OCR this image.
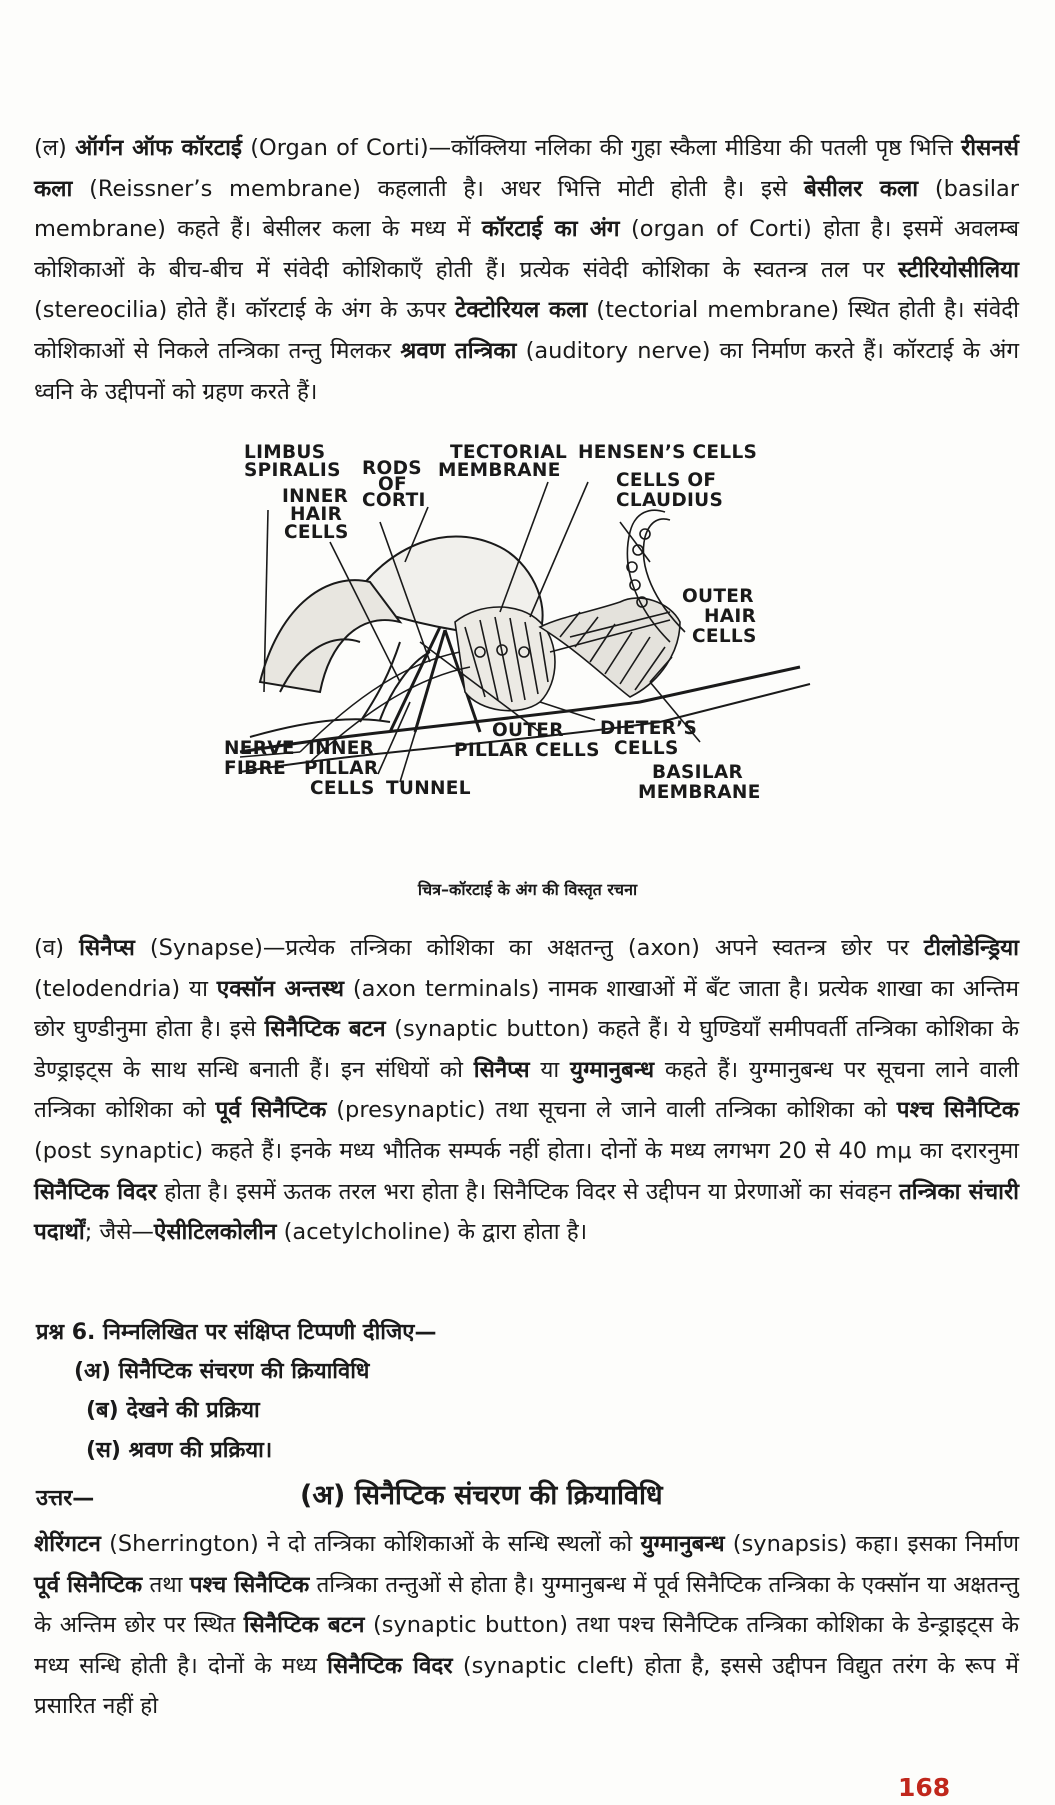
(ल) ऑर्गन ऑफ कॉरटाई (Organ of Corti)—कॉक्लिया नलिका की गुहा स्कैला मीडिया की पतली पृष्ठ भित्ति रीसनर्स कला (Reissner’s membrane) कहलाती है। अधर भित्ति मोटी होती है। इसे बेसीलर कला (basilar membrane) कहते हैं। बेसीलर कला के मध्य में कॉरटाई का अंग (organ of Corti) होता है। इसमें अवलम्ब कोशिकाओं के बीच-बीच में संवेदी कोशिकाएँ होती हैं। प्रत्येक संवेदी कोशिका के स्वतन्त्र तल पर स्टीरियोसीलिया (stereocilia) होते हैं। कॉरटाई के अंग के ऊपर टेक्टोरियल कला (tectorial membrane) स्थित होती है। संवेदी कोशिकाओं से निकले तन्त्रिका तन्तु मिलकर श्रवण तन्त्रिका (auditory nerve) का निर्माण करते हैं। कॉरटाई के अंग ध्वनि के उद्दीपनों को ग्रहण करते हैं।

LIMBUS
SPIRALIS
INNER
HAIR
CELLS
RODS
OF
CORTI
TECTORIAL
MEMBRANE
HENSEN’S CELLS
CELLS OF
CLAUDIUS
OUTER
HAIR
CELLS
OUTER
PILLAR CELLS
DIETER’S
CELLS
NERVE
FIBRE
INNER
PILLAR
CELLS TUNNEL
BASILAR
MEMBRANE
चित्र–कॉरटाई के अंग की विस्तृत रचना

(व) सिनैप्स (Synapse)—प्रत्येक तन्त्रिका कोशिका का अक्षतन्तु (axon) अपने स्वतन्त्र छोर पर टीलोडेन्ड्रिया (telodendria) या एक्सॉन अन्तस्थ (axon terminals) नामक शाखाओं में बँट जाता है। प्रत्येक शाखा का अन्तिम छोर घुण्डीनुमा होता है। इसे सिनैप्टिक बटन (synaptic button) कहते हैं। ये घुण्डियाँ समीपवर्ती तन्त्रिका कोशिका के डेण्ड्राइट्स के साथ सन्धि बनाती हैं। इन संधियों को सिनैप्स या युग्मानुबन्ध कहते हैं। युग्मानुबन्ध पर सूचना लाने वाली तन्त्रिका कोशिका को पूर्व सिनैप्टिक (presynaptic) तथा सूचना ले जाने वाली तन्त्रिका कोशिका को पश्च सिनैप्टिक (post synaptic) कहते हैं। इनके मध्य भौतिक सम्पर्क नहीं होता। दोनों के मध्य लगभग 20 से 40 mμ का दरारनुमा सिनैप्टिक विदर होता है। इसमें ऊतक तरल भरा होता है। सिनैप्टिक विदर से उद्दीपन या प्रेरणाओं का संवहन तन्त्रिका संचारी पदार्थों; जैसे—ऐसीटिलकोलीन (acetylcholine) के द्वारा होता है।

प्रश्न 6. निम्नलिखित पर संक्षिप्त टिप्पणी दीजिए—
(अ) सिनैप्टिक संचरण की क्रियाविधि
(ब) देखने की प्रक्रिया
(स) श्रवण की प्रक्रिया।
उत्तर—	(अ) सिनैप्टिक संचरण की क्रियाविधि

शेरिंगटन (Sherrington) ने दो तन्त्रिका कोशिकाओं के सन्धि स्थलों को युग्मानुबन्ध (synapsis) कहा। इसका निर्माण पूर्व सिनैप्टिक तथा पश्च सिनैप्टिक तन्त्रिका तन्तुओं से होता है। युग्मानुबन्ध में पूर्व सिनैप्टिक तन्त्रिका के एक्सॉन या अक्षतन्तु के अन्तिम छोर पर स्थित सिनैप्टिक बटन (synaptic button) तथा पश्च सिनैप्टिक तन्त्रिका कोशिका के डेन्ड्राइट्स के मध्य सन्धि होती है। दोनों के मध्य सिनैप्टिक विदर (synaptic cleft) होता है, इससे उद्दीपन विद्युत तरंग के रूप में प्रसारित नहीं हो

168
